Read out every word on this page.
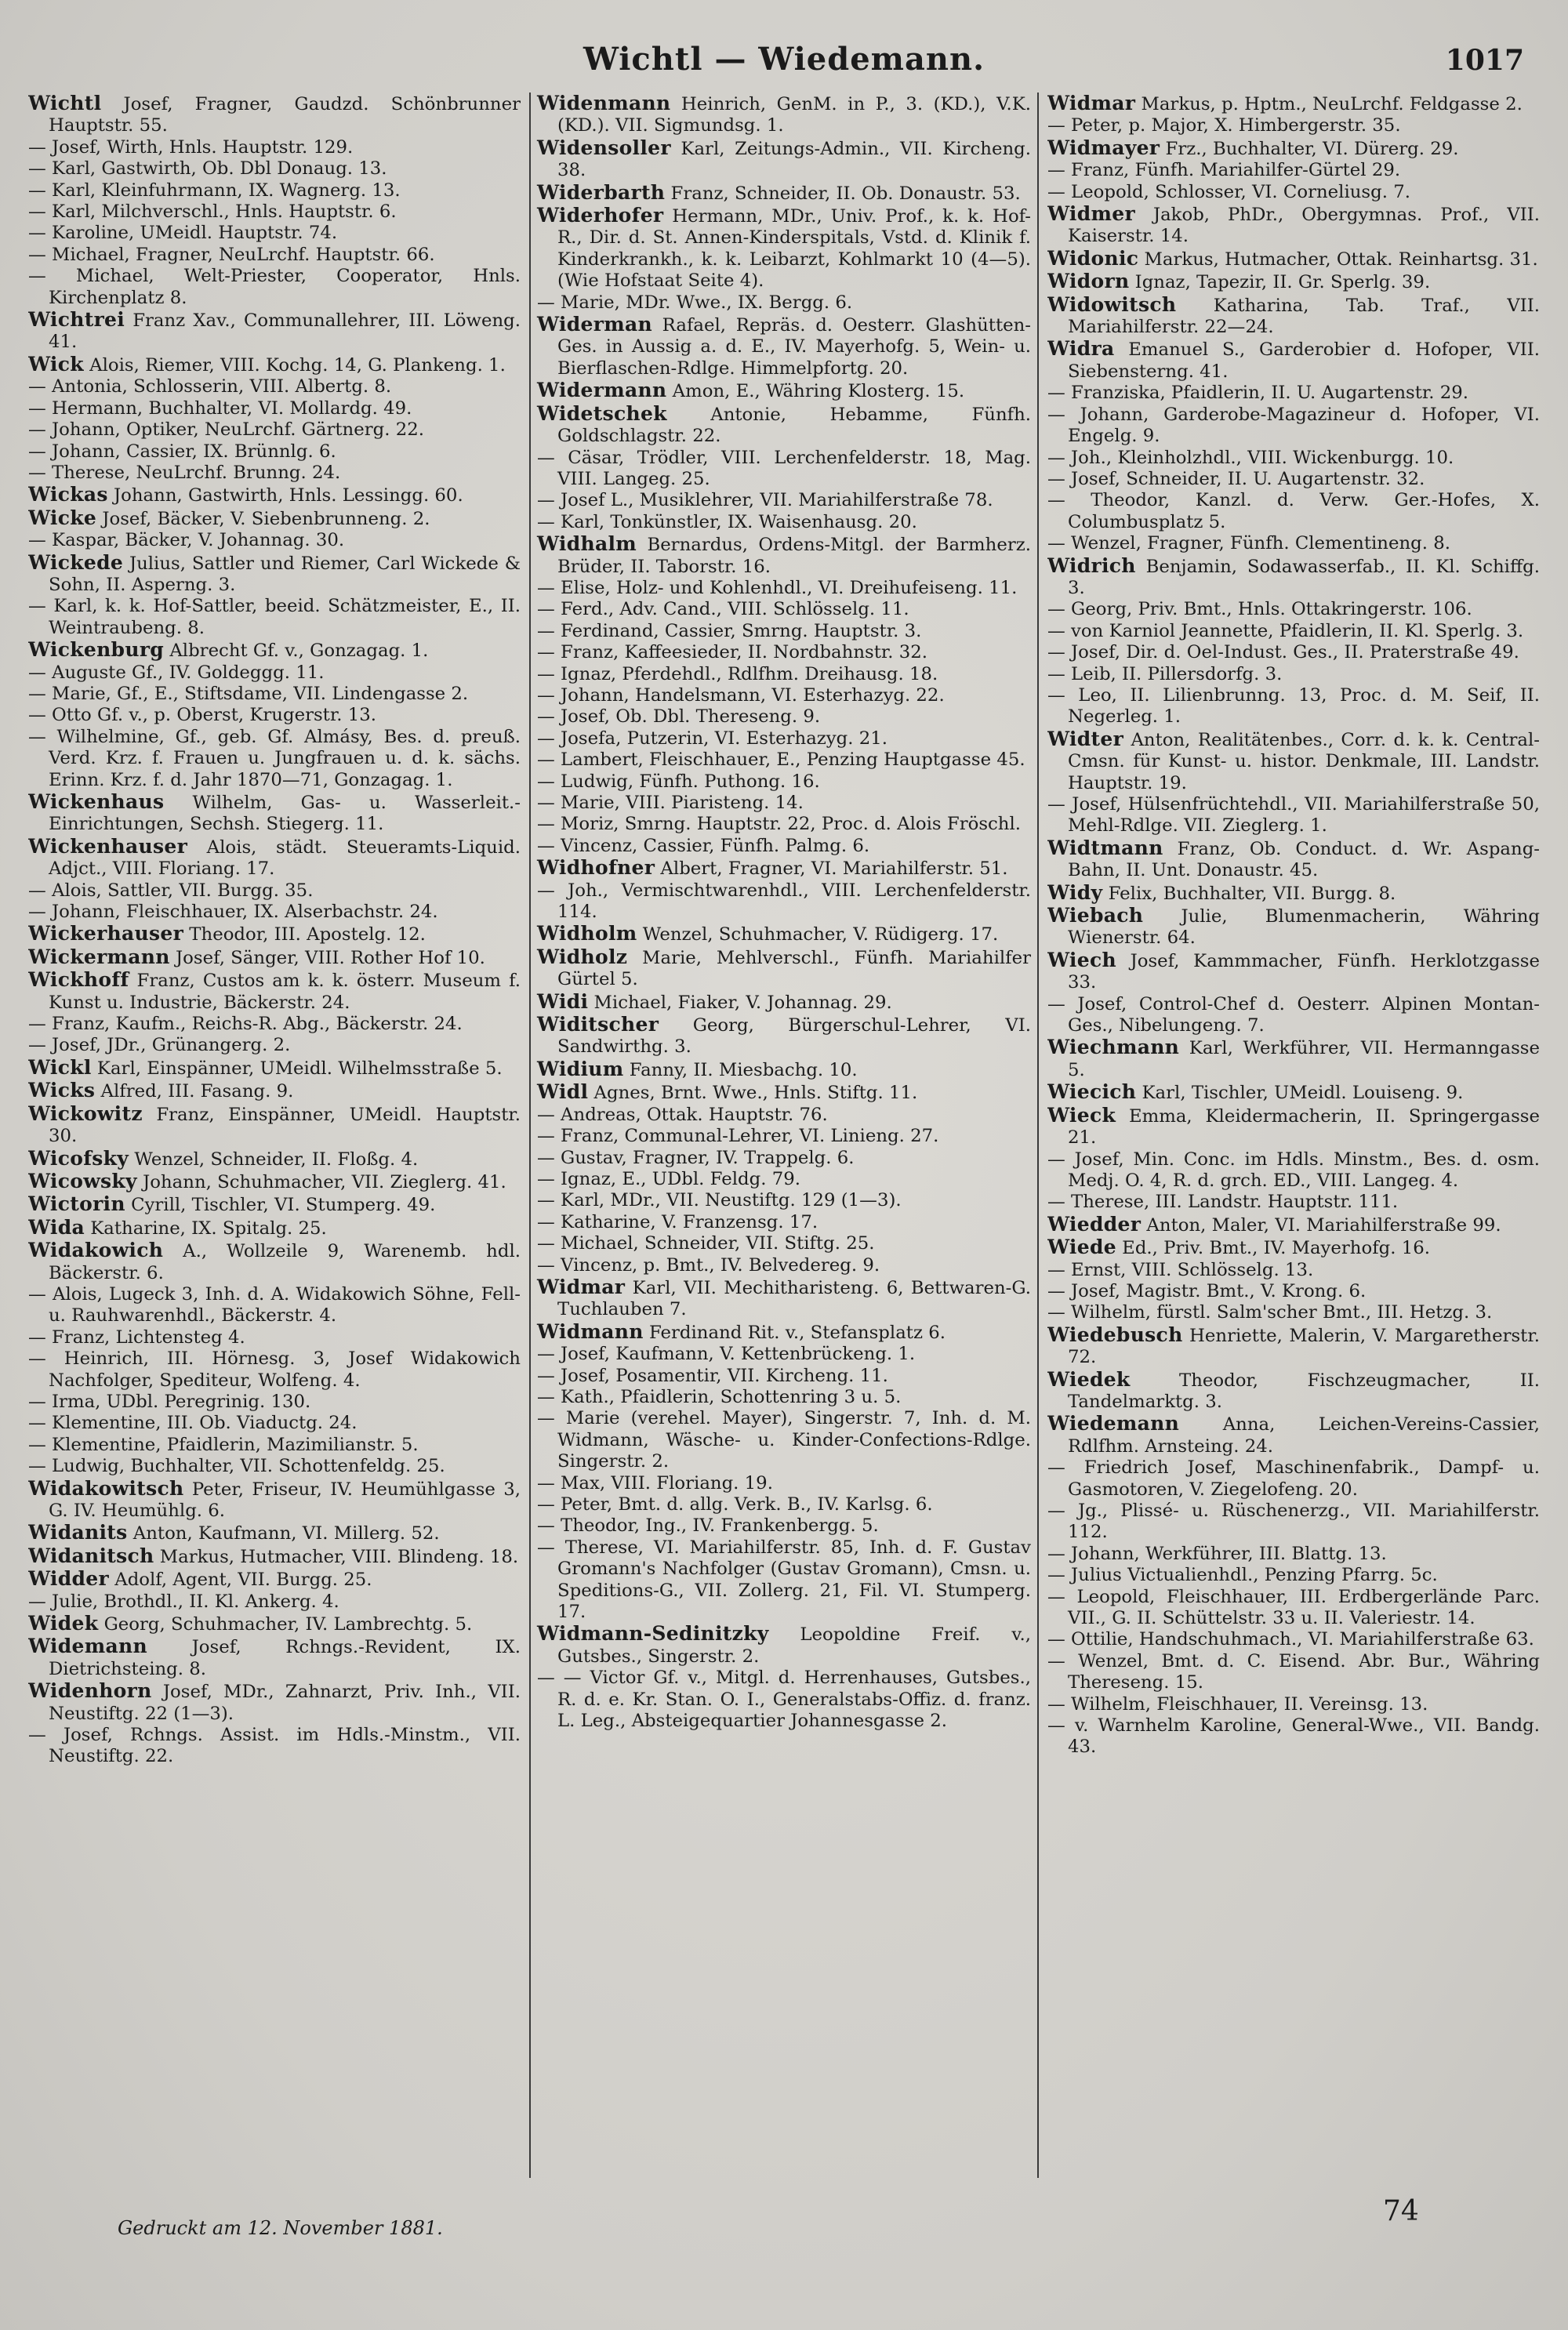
Wichtl — Wiedemann.	1017

Wichtl Josef, Fragner, Gaudzd. Schönbrunner Hauptstr. 55.

— Josef, Wirth, Hnls. Hauptstr. 129.

— Karl, Gastwirth, Ob. Dbl Donaug. 13.

— Karl, Kleinfuhrmann, IX. Wagnerg. 13.

— Karl, Milchverschl., Hnls. Hauptstr. 6.

— Karoline, UMeidl. Hauptstr. 74.

— Michael, Fragner, NeuLrchf. Hauptstr. 66.

— Michael, Welt-Priester, Cooperator, Hnls. Kirchenplatz 8.

Wichtrei Franz Xav., Communallehrer, III. Löweng. 41.

Wick Alois, Riemer, VIII. Kochg. 14, G. Plankeng. 1.

— Antonia, Schlosserin, VIII. Albertg. 8.

— Hermann, Buchhalter, VI. Mollardg. 49.

— Johann, Optiker, NeuLrchf. Gärtnerg. 22.

— Johann, Cassier, IX. Brünnlg. 6.

— Therese, NeuLrchf. Brunng. 24.

Wickas Johann, Gastwirth, Hnls. Lessingg. 60.

Wicke Josef, Bäcker, V. Siebenbrunneng. 2.

— Kaspar, Bäcker, V. Johannag. 30.

Wickede Julius, Sattler und Riemer, Carl Wickede & Sohn, II. Asperng. 3.

— Karl, k. k. Hof-Sattler, beeid. Schätzmeister, E., II. Weintraubeng. 8.

Wickenburg Albrecht Gf. v., Gonzagag. 1.

— Auguste Gf., IV. Goldeggg. 11.

— Marie, Gf., E., Stiftsdame, VII. Lindengasse 2.

— Otto Gf. v., p. Oberst, Krugerstr. 13.

— Wilhelmine, Gf., geb. Gf. Almásy, Bes. d. preuß. Verd. Krz. f. Frauen u. Jungfrauen u. d. k. sächs. Erinn. Krz. f. d. Jahr 1870—71, Gonzagag. 1.

Wickenhaus Wilhelm, Gas- u. Wasserleit.-Einrichtungen, Sechsh. Stiegerg. 11.

Wickenhauser Alois, städt. Steueramts-Liquid. Adjct., VIII. Floriang. 17.

— Alois, Sattler, VII. Burgg. 35.

— Johann, Fleischhauer, IX. Alserbachstr. 24.

Wickerhauser Theodor, III. Apostelg. 12.

Wickermann Josef, Sänger, VIII. Rother Hof 10.

Wickhoff Franz, Custos am k. k. österr. Museum f. Kunst u. Industrie, Bäckerstr. 24.

— Franz, Kaufm., Reichs-R. Abg., Bäckerstr. 24.

— Josef, JDr., Grünangerg. 2.

Wickl Karl, Einspänner, UMeidl. Wilhelmsstraße 5.

Wicks Alfred, III. Fasang. 9.

Wickowitz Franz, Einspänner, UMeidl. Hauptstr. 30.

Wicofsky Wenzel, Schneider, II. Floßg. 4.

Wicowsky Johann, Schuhmacher, VII. Zieglerg. 41.

Wictorin Cyrill, Tischler, VI. Stumperg. 49.

Wida Katharine, IX. Spitalg. 25.

Widakowich A., Wollzeile 9, Warenemb. hdl. Bäckerstr. 6.

— Alois, Lugeck 3, Inh. d. A. Widakowich Söhne, Fell- u. Rauhwarenhdl., Bäckerstr. 4.

— Franz, Lichtensteg 4.

— Heinrich, III. Hörnesg. 3, Josef Widakowich Nachfolger, Spediteur, Wolfeng. 4.

— Irma, UDbl. Peregrinig. 130.

— Klementine, III. Ob. Viaductg. 24.

— Klementine, Pfaidlerin, Mazimilianstr. 5.

— Ludwig, Buchhalter, VII. Schottenfeldg. 25.

Widakowitsch Peter, Friseur, IV. Heumühlgasse 3, G. IV. Heumühlg. 6.

Widanits Anton, Kaufmann, VI. Millerg. 52.

Widanitsch Markus, Hutmacher, VIII. Blindeng. 18.

Widder Adolf, Agent, VII. Burgg. 25.

— Julie, Brothdl., II. Kl. Ankerg. 4.

Widek Georg, Schuhmacher, IV. Lambrechtg. 5.

Widemann Josef, Rchngs.-Revident, IX. Dietrichsteing. 8.

Widenhorn Josef, MDr., Zahnarzt, Priv. Inh., VII. Neustiftg. 22 (1—3).

— Josef, Rchngs. Assist. im Hdls.-Minstm., VII. Neustiftg. 22.

Widenmann Heinrich, GenM. in P., 3. (KD.), V.K. (KD.). VII. Sigmundsg. 1.

Widensoller Karl, Zeitungs-Admin., VII. Kircheng. 38.

Widerbarth Franz, Schneider, II. Ob. Donaustr. 53.

Widerhofer Hermann, MDr., Univ. Prof., k. k. Hof-R., Dir. d. St. Annen-Kinderspitals, Vstd. d. Klinik f. Kinderkrankh., k. k. Leibarzt, Kohlmarkt 10 (4—5). (Wie Hofstaat Seite 4).

— Marie, MDr. Wwe., IX. Bergg. 6.

Widerman Rafael, Repräs. d. Oesterr. Glashütten-Ges. in Aussig a. d. E., IV. Mayerhofg. 5, Wein- u. Bierflaschen-Rdlge. Himmelpfortg. 20.

Widermann Amon, E., Währing Klosterg. 15.

Widetschek Antonie, Hebamme, Fünfh. Goldschlagstr. 22.

— Cäsar, Trödler, VIII. Lerchenfelderstr. 18, Mag. VIII. Langeg. 25.

— Josef L., Musiklehrer, VII. Mariahilferstraße 78.

— Karl, Tonkünstler, IX. Waisenhausg. 20.

Widhalm Bernardus, Ordens-Mitgl. der Barmherz. Brüder, II. Taborstr. 16.

— Elise, Holz- und Kohlenhdl., VI. Dreihufeiseng. 11.

— Ferd., Adv. Cand., VIII. Schlösselg. 11.

— Ferdinand, Cassier, Smrng. Hauptstr. 3.

— Franz, Kaffeesieder, II. Nordbahnstr. 32.

— Ignaz, Pferdehdl., Rdlfhm. Dreihausg. 18.

— Johann, Handelsmann, VI. Esterhazyg. 22.

— Josef, Ob. Dbl. Thereseng. 9.

— Josefa, Putzerin, VI. Esterhazyg. 21.

— Lambert, Fleischhauer, E., Penzing Hauptgasse 45.

— Ludwig, Fünfh. Puthong. 16.

— Marie, VIII. Piaristeng. 14.

— Moriz, Smrng. Hauptstr. 22, Proc. d. Alois Fröschl.

— Vincenz, Cassier, Fünfh. Palmg. 6.

Widhofner Albert, Fragner, VI. Mariahilferstr. 51.

— Joh., Vermischtwarenhdl., VIII. Lerchenfelderstr. 114.

Widholm Wenzel, Schuhmacher, V. Rüdigerg. 17.

Widholz Marie, Mehlverschl., Fünfh. Mariahilfer Gürtel 5.

Widi Michael, Fiaker, V. Johannag. 29.

Widitscher Georg, Bürgerschul-Lehrer, VI. Sandwirthg. 3.

Widium Fanny, II. Miesbachg. 10.

Widl Agnes, Brnt. Wwe., Hnls. Stiftg. 11.

— Andreas, Ottak. Hauptstr. 76.

— Franz, Communal-Lehrer, VI. Linieng. 27.

— Gustav, Fragner, IV. Trappelg. 6.

— Ignaz, E., UDbl. Feldg. 79.

— Karl, MDr., VII. Neustiftg. 129 (1—3).

— Katharine, V. Franzensg. 17.

— Michael, Schneider, VII. Stiftg. 25.

— Vincenz, p. Bmt., IV. Belvedereg. 9.

Widmar Karl, VII. Mechitharisteng. 6, Bettwaren-G. Tuchlauben 7.

Widmann Ferdinand Rit. v., Stefansplatz 6.

— Josef, Kaufmann, V. Kettenbrückeng. 1.

— Josef, Posamentir, VII. Kircheng. 11.

— Kath., Pfaidlerin, Schottenring 3 u. 5.

— Marie (verehel. Mayer), Singerstr. 7, Inh. d. M. Widmann, Wäsche- u. Kinder-Confections-Rdlge. Singerstr. 2.

— Max, VIII. Floriang. 19.

— Peter, Bmt. d. allg. Verk. B., IV. Karlsg. 6.

— Theodor, Ing., IV. Frankenbergg. 5.

— Therese, VI. Mariahilferstr. 85, Inh. d. F. Gustav Gromann's Nachfolger (Gustav Gromann), Cmsn. u. Speditions-G., VII. Zollerg. 21, Fil. VI. Stumperg. 17.

Widmann-Sedinitzky Leopoldine Freif. v., Gutsbes., Singerstr. 2.

— — Victor Gf. v., Mitgl. d. Herrenhauses, Gutsbes., R. d. e. Kr. Stan. O. I., Generalstabs-Offiz. d. franz. L. Leg., Absteigequartier Johannesgasse 2.

Widmar Markus, p. Hptm., NeuLrchf. Feldgasse 2.

— Peter, p. Major, X. Himbergerstr. 35.

Widmayer Frz., Buchhalter, VI. Dürerg. 29.

— Franz, Fünfh. Mariahilfer-Gürtel 29.

— Leopold, Schlosser, VI. Corneliusg. 7.

Widmer Jakob, PhDr., Obergymnas. Prof., VII. Kaiserstr. 14.

Widonic Markus, Hutmacher, Ottak. Reinhartsg. 31.

Widorn Ignaz, Tapezir, II. Gr. Sperlg. 39.

Widowitsch Katharina, Tab. Traf., VII. Mariahilferstr. 22—24.

Widra Emanuel S., Garderobier d. Hofoper, VII. Siebensterng. 41.

— Franziska, Pfaidlerin, II. U. Augartenstr. 29.

— Johann, Garderobe-Magazineur d. Hofoper, VI. Engelg. 9.

— Joh., Kleinholzhdl., VIII. Wickenburgg. 10.

— Josef, Schneider, II. U. Augartenstr. 32.

— Theodor, Kanzl. d. Verw. Ger.-Hofes, X. Columbusplatz 5.

— Wenzel, Fragner, Fünfh. Clementineng. 8.

Widrich Benjamin, Sodawasserfab., II. Kl. Schiffg. 3.

— Georg, Priv. Bmt., Hnls. Ottakringerstr. 106.

— von Karniol Jeannette, Pfaidlerin, II. Kl. Sperlg. 3.

— Josef, Dir. d. Oel-Indust. Ges., II. Praterstraße 49.

— Leib, II. Pillersdorfg. 3.

— Leo, II. Lilienbrunng. 13, Proc. d. M. Seif, II. Negerleg. 1.

Widter Anton, Realitätenbes., Corr. d. k. k. Central-Cmsn. für Kunst- u. histor. Denkmale, III. Landstr. Hauptstr. 19.

— Josef, Hülsenfrüchtehdl., VII. Mariahilferstraße 50, Mehl-Rdlge. VII. Zieglerg. 1.

Widtmann Franz, Ob. Conduct. d. Wr. Aspang-Bahn, II. Unt. Donaustr. 45.

Widy Felix, Buchhalter, VII. Burgg. 8.

Wiebach Julie, Blumenmacherin, Währing Wienerstr. 64.

Wiech Josef, Kammmacher, Fünfh. Herklotzgasse 33.

— Josef, Control-Chef d. Oesterr. Alpinen Montan-Ges., Nibelungeng. 7.

Wiechmann Karl, Werkführer, VII. Hermanngasse 5.

Wiecich Karl, Tischler, UMeidl. Louiseng. 9.

Wieck Emma, Kleidermacherin, II. Springergasse 21.

— Josef, Min. Conc. im Hdls. Minstm., Bes. d. osm. Medj. O. 4, R. d. grch. ED., VIII. Langeg. 4.

— Therese, III. Landstr. Hauptstr. 111.

Wiedder Anton, Maler, VI. Mariahilferstraße 99.

Wiede Ed., Priv. Bmt., IV. Mayerhofg. 16.

— Ernst, VIII. Schlösselg. 13.

— Josef, Magistr. Bmt., V. Krong. 6.

— Wilhelm, fürstl. Salm'scher Bmt., III. Hetzg. 3.

Wiedebusch Henriette, Malerin, V. Margaretherstr. 72.

Wiedek Theodor, Fischzeugmacher, II. Tandelmarktg. 3.

Wiedemann Anna, Leichen-Vereins-Cassier, Rdlfhm. Arnsteing. 24.

— Friedrich Josef, Maschinenfabrik., Dampf- u. Gasmotoren, V. Ziegelofeng. 20.

— Jg., Plissé- u. Rüschenerzg., VII. Mariahilferstr. 112.

— Johann, Werkführer, III. Blattg. 13.

— Julius Victualienhdl., Penzing Pfarrg. 5c.

— Leopold, Fleischhauer, III. Erdbergerlände Parc. VII., G. II. Schüttelstr. 33 u. II. Valeriestr. 14.

— Ottilie, Handschuhmach., VI. Mariahilferstraße 63.

— Wenzel, Bmt. d. C. Eisend. Abr. Bur., Währing Thereseng. 15.

— Wilhelm, Fleischhauer, II. Vereinsg. 13.

— v. Warnhelm Karoline, General-Wwe., VII. Bandg. 43.

Gedruckt am 12. November 1881.
74
